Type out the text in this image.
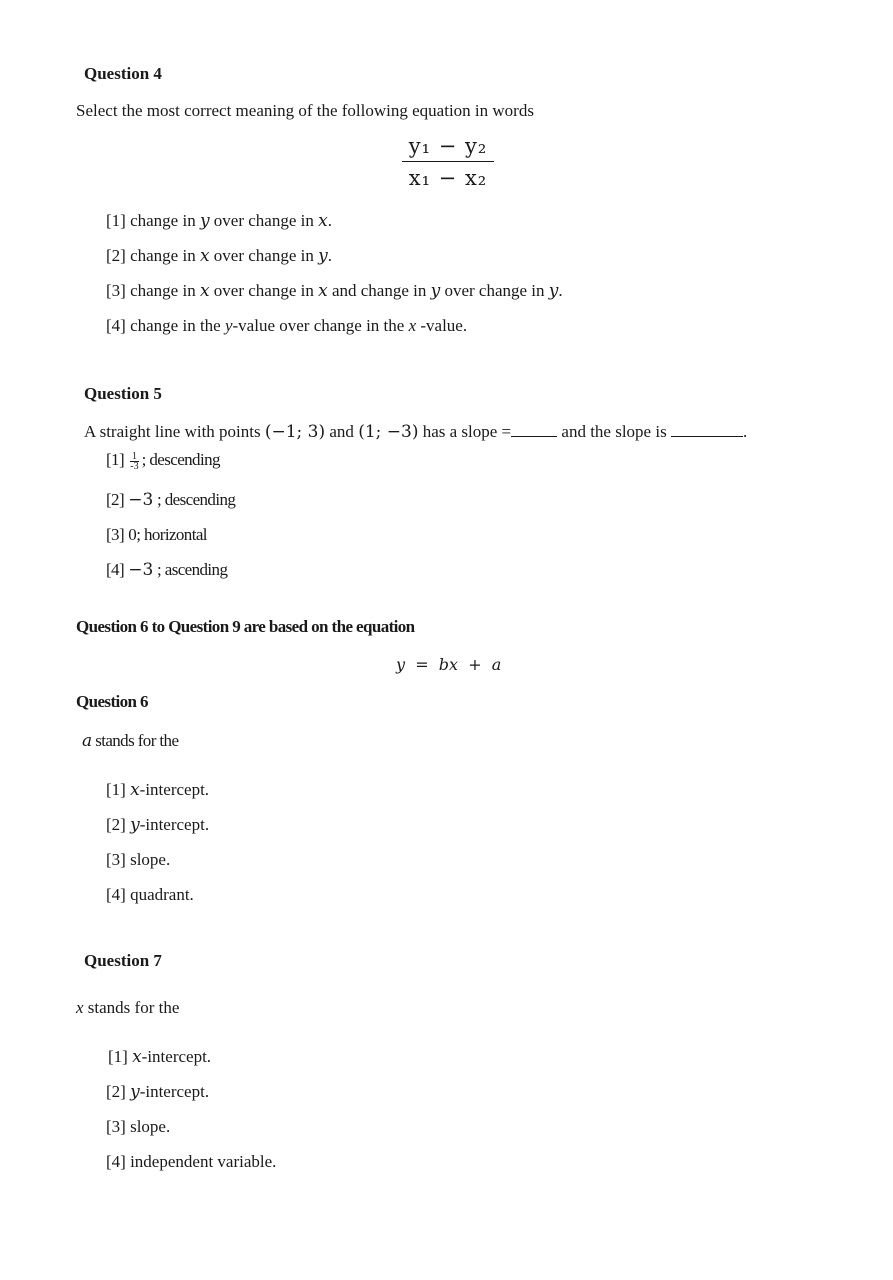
Question 4
Select the most correct meaning of the following equation in words
y₁ − y₂
x₁ − x₂
[1] change in y over change in x.
[2] change in x over change in y.
[3] change in x over change in x and change in y over change in y.
[4] change in the y-value over change in the x -value.
Question 5
A straight line with points (−1; 3) and (1; −3) has a slope =	and the slope is	.
$[1] \frac{1}{-3}$ ; descending
[2] −3 ; descending
[3] 0; horizontal
[4] −3 ; ascending
Question 6 to Question 9 are based on the equation
y  =  bx  +  a
Question 6
a stands for the
[1] x-intercept.
[2] y-intercept.
[3] slope.
[4] quadrant.
Question 7
x stands for the
[1] x-intercept.
[2] y-intercept.
[3] slope.
[4] independent variable.
